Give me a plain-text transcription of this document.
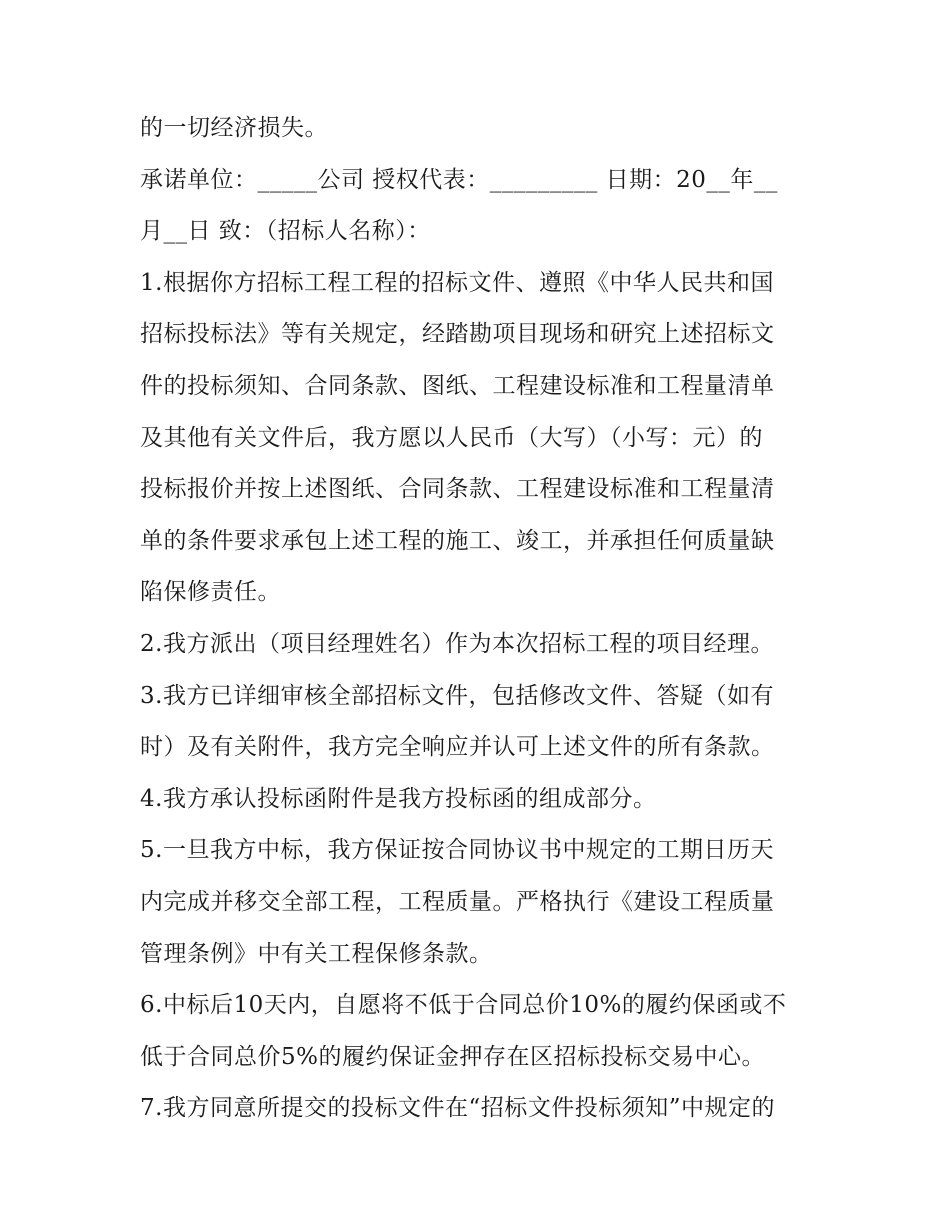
的一切经济损失。
承诺单位：_____公司 授权代表：_________ 日期：20__年__
月__日 致：（招标人名称）：
1.根据你方招标工程工程的招标文件、遵照《中华人民共和国
招标投标法》等有关规定，经踏勘项目现场和研究上述招标文
件的投标须知、合同条款、图纸、工程建设标准和工程量清单
及其他有关文件后，我方愿以人民币（大写）（小写：元）的
投标报价并按上述图纸、合同条款、工程建设标准和工程量清
单的条件要求承包上述工程的施工、竣工，并承担任何质量缺
陷保修责任。
2.我方派出（项目经理姓名）作为本次招标工程的项目经理。
3.我方已详细审核全部招标文件，包括修改文件、答疑（如有
时）及有关附件，我方完全响应并认可上述文件的所有条款。
4.我方承认投标函附件是我方投标函的组成部分。
5.一旦我方中标，我方保证按合同协议书中规定的工期日历天
内完成并移交全部工程，工程质量。严格执行《建设工程质量
管理条例》中有关工程保修条款。
6.中标后10天内，自愿将不低于合同总价10%的履约保函或不
低于合同总价5%的履约保证金押存在区招标投标交易中心。
7.我方同意所提交的投标文件在“招标文件投标须知”中规定的
